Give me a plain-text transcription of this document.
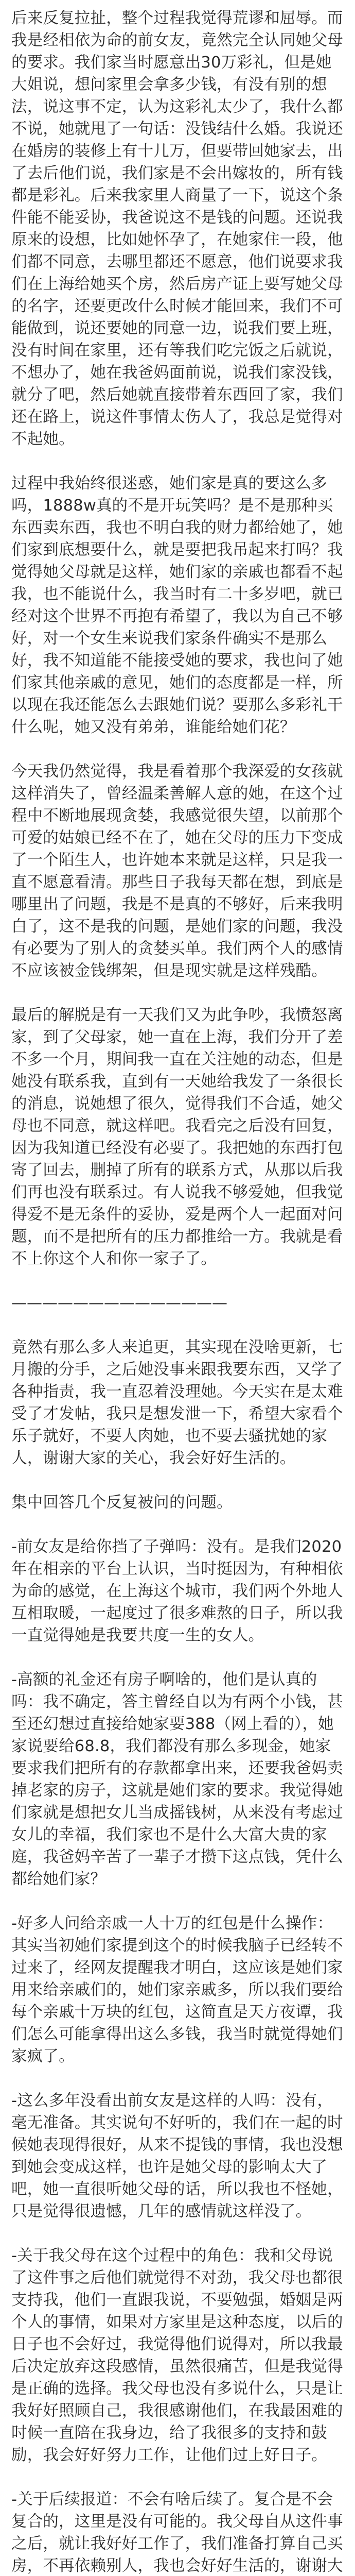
后来反复拉扯，整个过程我觉得荒谬和屈辱。而我是经相依为命的前女友，竟然完全认同她父母的要求。我们家当时愿意出30万彩礼，但是她大姐说，想问家里会拿多少钱，有没有别的想法，说这事不定，认为这彩礼太少了，我什么都不说，她就甩了一句话：没钱结什么婚。我说还在婚房的装修上有十几万，但要带回她家去，出了去后他们说，我们家是不会出嫁妆的，所有钱都是彩礼。后来我家里人商量了一下，说这个条件能不能妥协，我爸说这不是钱的问题。还说我原来的设想，比如她怀孕了，在她家住一段，他们都不同意，去哪里都还不愿意，他们说要求我们在上海给她买个房，然后房产证上要写她父母的名字，还要更改什么时候才能回来，我们不可能做到，说还要她的同意一边，说我们要上班，没有时间在家里，还有等我们吃完饭之后就说，不想办了，她在我爸妈面前说，说我们家没钱，就分了吧，然后她就直接带着东西回了家，我们还在路上，说这件事情太伤人了，我总是觉得对不起她。

过程中我始终很迷惑，她们家是真的要这么多吗，1888w真的不是开玩笑吗？是不是那种买东西卖东西，我也不明白我的财力都给她了，她们家到底想要什么，就是要把我吊起来打吗？我觉得她父母就是这样，她们家的亲戚也都看不起我，也不能说什么，我当时有二十多岁吧，就已经对这个世界不再抱有希望了，我以为自己不够好，对一个女生来说我们家条件确实不是那么好，我不知道能不能接受她的要求，我也问了她们家其他亲戚的意见，她们的态度都是一样，所以现在我还能怎么去跟她们说？要那么多彩礼干什么呢，她又没有弟弟，谁能给她们花？

今天我仍然觉得，我是看着那个我深爱的女孩就这样消失了，曾经温柔善解人意的她，在这个过程中不断地展现贪婪，我感觉很失望，以前那个可爱的姑娘已经不在了，她在父母的压力下变成了一个陌生人，也许她本来就是这样，只是我一直不愿意看清。那些日子我每天都在想，到底是哪里出了问题，我是不是真的不够好，后来我明白了，这不是我的问题，是她们家的问题，我没有必要为了别人的贪婪买单。我们两个人的感情不应该被金钱绑架，但是现实就是这样残酷。

最后的解脱是有一天我们又为此争吵，我愤怒离家，到了父母家，她一直在上海，我们分开了差不多一个月，期间我一直在关注她的动态，但是她没有联系我，直到有一天她给我发了一条很长的消息，说她想了很久，觉得我们不合适，她父母也不同意，就这样吧。我看完之后没有回复，因为我知道已经没有必要了。我把她的东西打包寄了回去，删掉了所有的联系方式，从那以后我们再也没有联系过。有人说我不够爱她，但我觉得爱不是无条件的妥协，爱是两个人一起面对问题，而不是把所有的压力都推给一方。我就是看不上你这个人和你一家子了。

——————————————

竟然有那么多人来追更，其实现在没啥更新，七月搬的分手，之后她没事来跟我要东西，又学了各种指责，我一直忍着没理她。今天实在是太难受了才发帖，我只是想发泄一下，希望大家看个乐子就好，不要人肉她，也不要去骚扰她的家人，谢谢大家的关心，我会好好生活的。

集中回答几个反复被问的问题。

-前女友是给你挡了子弹吗：没有。是我们2020年在相亲的平台上认识，当时挺因为，有种相依为命的感觉，在上海这个城市，我们两个外地人互相取暖，一起度过了很多难熬的日子，所以我一直觉得她是我要共度一生的女人。

-高额的礼金还有房子啊啥的，他们是认真的吗：我不确定，答主曾经自以为有两个小钱，甚至还幻想过直接给她家要388（网上看的），她家说要给68.8，我们都没有那么多现金，她家要求我们把所有的存款都拿出来，还要我爸妈卖掉老家的房子，这就是她们家的要求。我觉得她们家就是想把女儿当成摇钱树，从来没有考虑过女儿的幸福，我们家也不是什么大富大贵的家庭，我爸妈辛苦了一辈子才攒下这点钱，凭什么都给她们家？

-好多人问给亲戚一人十万的红包是什么操作：其实当初她们家提到这个的时候我脑子已经转不过来了，经网友提醒我才明白，这应该是她们家用来给亲戚们的，她们家亲戚多，所以我们要给每个亲戚十万块的红包，这简直是天方夜谭，我们怎么可能拿得出这么多钱，我当时就觉得她们家疯了。

-这么多年没看出前女友是这样的人吗：没有，毫无准备。其实说句不好听的，我们在一起的时候她表现得很好，从来不提钱的事情，我也没想到她会变成这样，也许是她父母的影响太大了吧，她一直很听她父母的话，所以我也不怪她，只是觉得很遗憾，几年的感情就这样没了。

-关于我父母在这个过程中的角色：我和父母说了这件事之后他们就觉得不对劲，我父母也都很支持我，他们一直跟我说，不要勉强，婚姻是两个人的事情，如果对方家里是这种态度，以后的日子也不会好过，我觉得他们说得对，所以我最后决定放弃这段感情，虽然很痛苦，但是我觉得是正确的选择。我父母也没有多说什么，只是让我好好照顾自己，我很感谢他们，在我最困难的时候一直陪在我身边，给了我很多的支持和鼓励，我会好好努力工作，让他们过上好日子。

-关于后续报道：不会有啥后续了。复合是不会复合的，这里是没有可能的。我父母自从这件事之后，就让我好好工作了，我们准备打算自己买房，不再依赖别人，我也会好好生活的，谢谢大
